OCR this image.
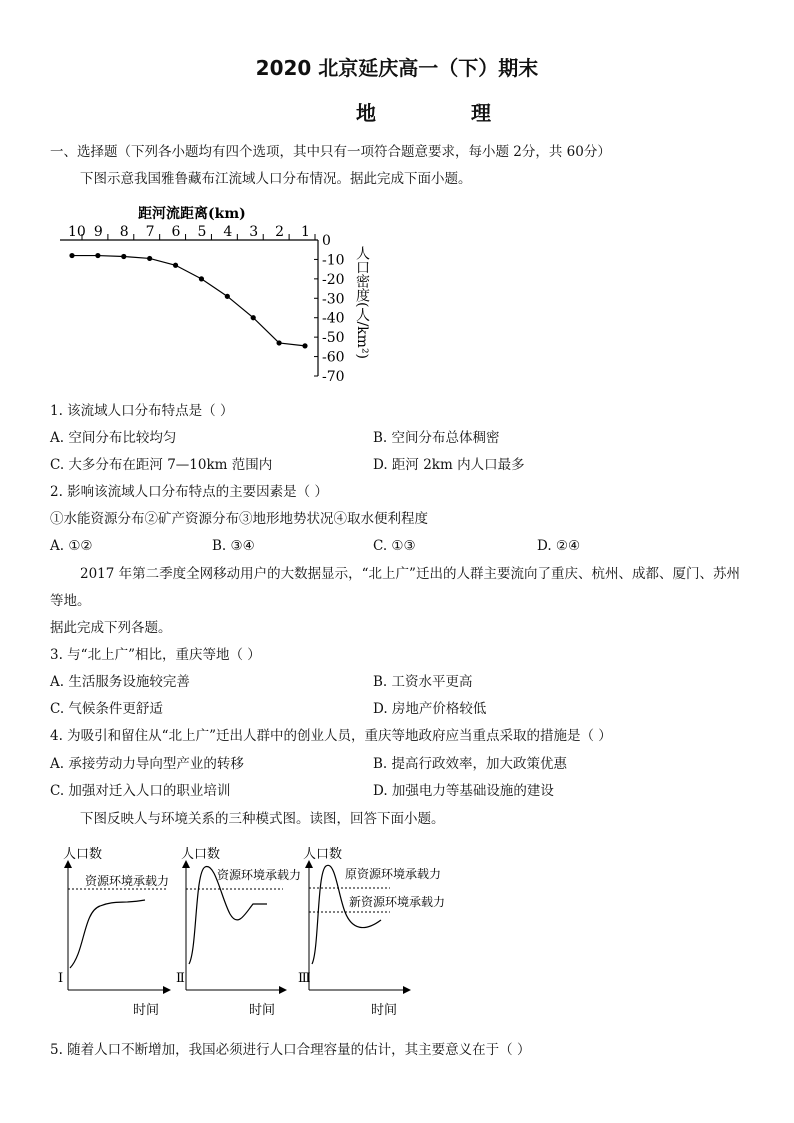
2020 北京延庆高一（下）期末
地 理
一、选择题（下列各小题均有四个选项，其中只有一项符合题意要求，每小题 2分，共 60分）
下图示意我国雅鲁藏布江流域人口分布情况。据此完成下面小题。
距河流距离(km)
10 9 8 7 6 5 4 3 2 1
0
-10
-20
-30
-40
-50
-60
-70
人口密度(人/km²)
1. 该流域人口分布特点是（ ）
A. 空间分布比较均匀	B. 空间分布总体稠密
C. 大多分布在距河 7—10km 范围内	D. 距河 2km 内人口最多
2. 影响该流域人口分布特点的主要因素是（ ）
①水能资源分布②矿产资源分布③地形地势状况④取水便利程度
A. ①②	B. ③④	C. ①③	D. ②④
2017 年第二季度全网移动用户的大数据显示，“北上广”迁出的人群主要流向了重庆、杭州、成都、厦门、苏州
等地。
据此完成下列各题。
3. 与“北上广”相比，重庆等地（ ）
A. 生活服务设施较完善	B. 工资水平更高
C. 气候条件更舒适	D. 房地产价格较低
4. 为吸引和留住从“北上广”迁出人群中的创业人员，重庆等地政府应当重点采取的措施是（ ）
A. 承接劳动力导向型产业的转移	B. 提高行政效率，加大政策优惠
C. 加强对迁入人口的职业培训	D. 加强电力等基础设施的建设
下图反映人与环境关系的三种模式图。读图，回答下面小题。
人口数
资源环境承载力
Ⅰ
时间
人口数
资源环境承载力
Ⅱ
时间
人口数
原资源环境承载力
新资源环境承载力
Ⅲ
时间
5. 随着人口不断增加，我国必须进行人口合理容量的估计，其主要意义在于（ ）
